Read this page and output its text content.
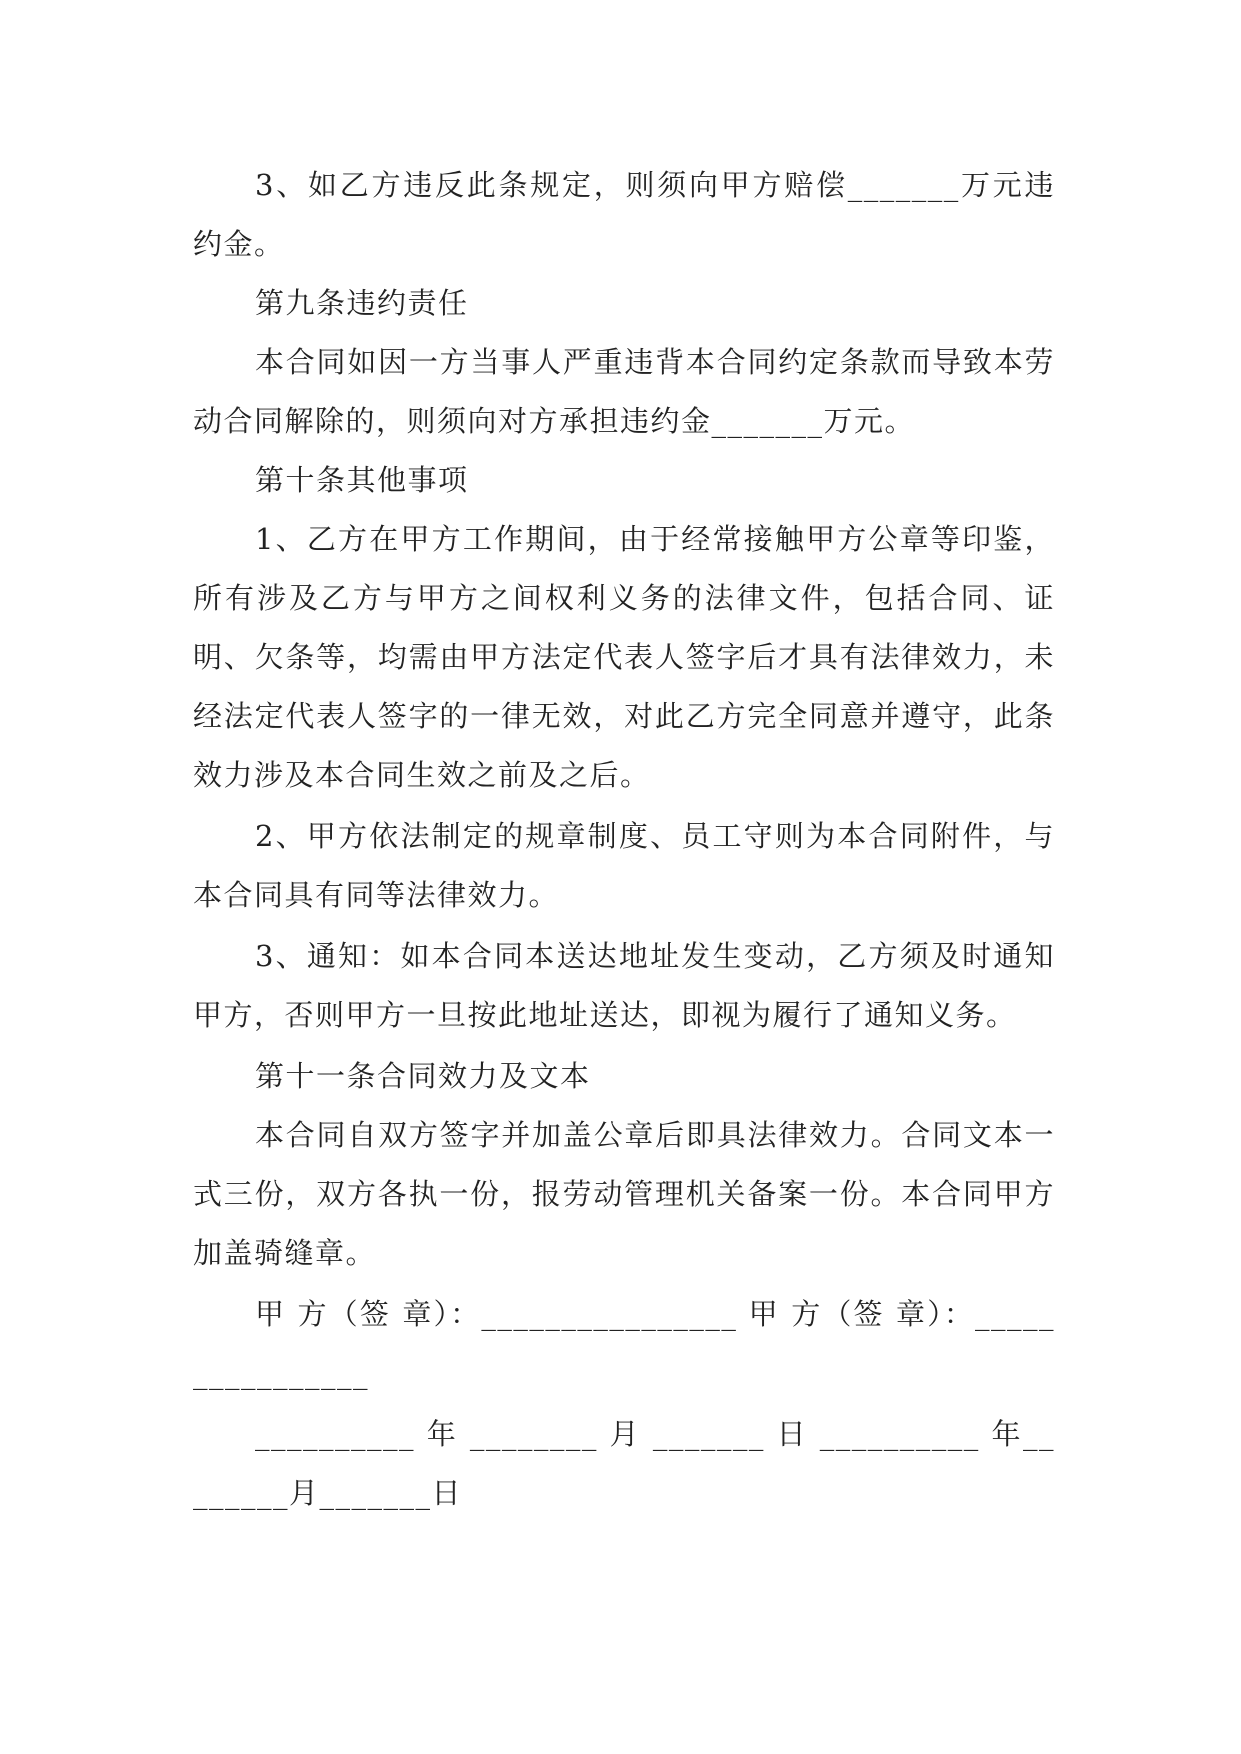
3、如乙方违反此条规定，则须向甲方赔偿_______万元违约金。

第九条违约责任

本合同如因一方当事人严重违背本合同约定条款而导致本劳动合同解除的，则须向对方承担违约金_______万元。

第十条其他事项

1、乙方在甲方工作期间，由于经常接触甲方公章等印鉴，所有涉及乙方与甲方之间权利义务的法律文件，包括合同、证明、欠条等，均需由甲方法定代表人签字后才具有法律效力，未经法定代表人签字的一律无效，对此乙方完全同意并遵守，此条效力涉及本合同生效之前及之后。

2、甲方依法制定的规章制度、员工守则为本合同附件，与本合同具有同等法律效力。

3、通知：如本合同本送达地址发生变动，乙方须及时通知甲方，否则甲方一旦按此地址送达，即视为履行了通知义务。

第十一条合同效力及文本

本合同自双方签字并加盖公章后即具法律效力。合同文本一式三份，双方各执一份，报劳动管理机关备案一份。本合同甲方加盖骑缝章。

甲 方（签 章）：________________ 甲 方（签 章）：________________

__________ 年 ________ 月 _______ 日 __________ 年________月_______日
